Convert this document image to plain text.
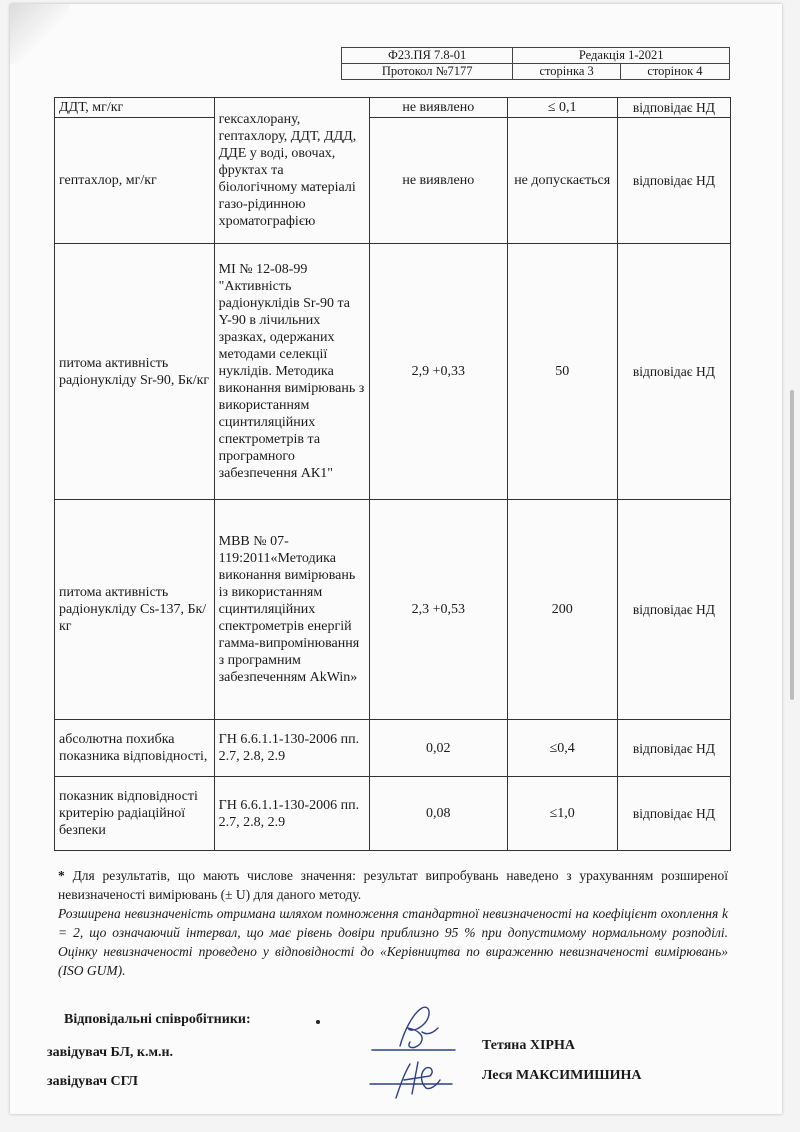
Ф23.ПЯ 7.8-01	Редакція 1-2021	
Протокол №7177	сторінка 3	сторінок 4
ДДТ, мг/кг	гексахлорану, гептахлору, ДДТ, ДДД, ДДЕ у воді, овочах, фруктах та біологічному матеріалі газо-рідинною хроматографією	не виявлено	≤ 0,1	відповідає НД
гептахлор, мг/кг		не виявлено	не допускається	відповідає НД
питома активність радіонукліду Sr-90, Бк/кг	МІ № 12-08-99 "Активність радіонуклідів Sr-90 та Y-90 в лічильних зразках, одержаних методами селекції нуклідів. Методика виконання вимірювань з використанням сцинтиляційних спектрометрів та програмного забезпечення АК1"	2,9 +0,33	50	відповідає НД
питома активність радіонукліду Cs-137, Бк/кг	МВВ № 07-119:2011«Методика виконання вимірювань із використанням сцинтиляційних спектрометрів енергій гамма-випромінювання з програмним забезпеченням AkWin»	2,3 +0,53	200	відповідає НД
абсолютна похибка показника відповідності,	ГН 6.6.1.1-130-2006 пп. 2.7, 2.8, 2.9	0,02	≤0,4	відповідає НД
показник відповідності критерію радіаційної безпеки	ГН 6.6.1.1-130-2006 пп. 2.7, 2.8, 2.9	0,08	≤1,0	відповідає НД

* Для результатів, що мають числове значення: результат випробувань наведено з урахуванням розширеної невизначеності вимірювань (± U) для даного методу.

Розширена невизначеність отримана шляхом помноження стандартної невизначеності на коефіцієнт охоплення k = 2, що означаючий інтервал, що має рівень довіри приблизно 95 % при допустимому нормальному розподілі. Оцінку невизначеності проведено у відповідності до «Керівництва по вираженню невизначеності вимірювань» (ISO GUM).

Відповідальні співробітники:
завідувач БЛ, к.м.н.
завідувач СГЛ
Тетяна ХІРНА
Леся МАКСИМИШИНА
